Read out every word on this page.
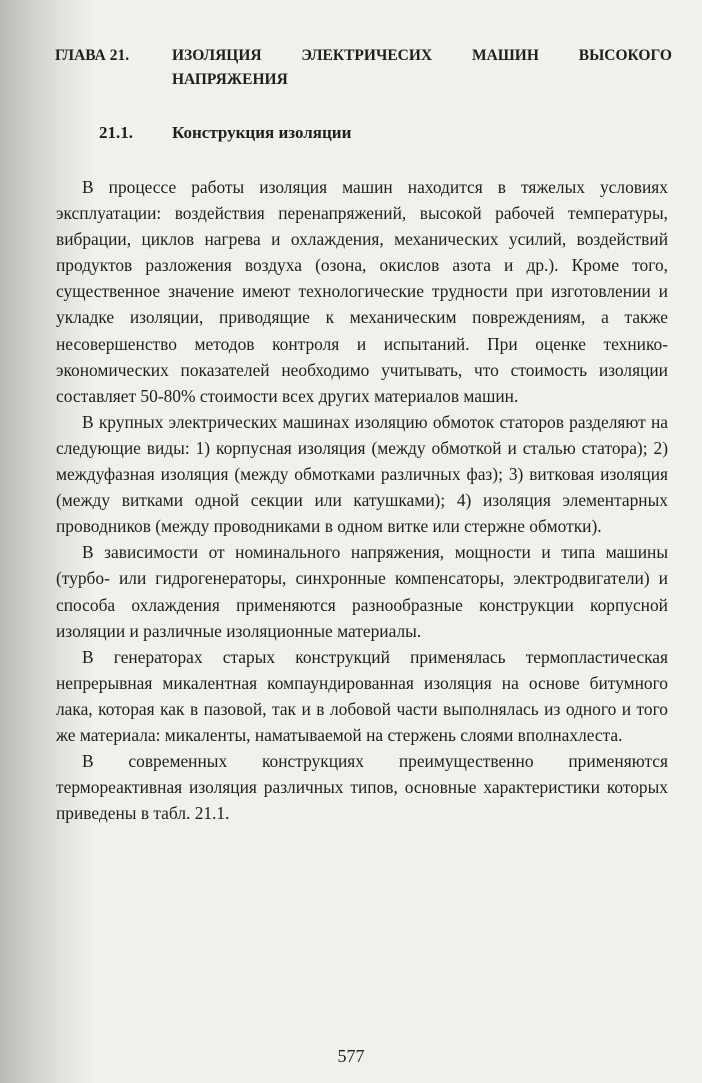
ГЛАВА 21.	ИЗОЛЯЦИЯ ЭЛЕКТРИЧЕСИХ МАШИН ВЫСОКОГО
НАПРЯЖЕНИЯ
21.1. Конструкция изоляции

В процессе работы изоляция машин находится в тяжелых условиях эксплуатации: воздействия перенапряжений, высокой рабочей температуры, вибрации, циклов нагрева и охлаждения, механических усилий, воздействий продуктов разложения воздуха (озона, окислов азота и др.). Кроме того, существенное значение имеют технологические трудности при изготовлении и укладке изоляции, приводящие к механическим повреждениям, а также несовершенство методов контроля и испытаний. При оценке технико-экономических показателей необходимо учитывать, что стоимость изоляции составляет 50-80% стоимости всех других материалов машин.

В крупных электрических машинах изоляцию обмоток статоров разделяют на следующие виды: 1) корпусная изоляция (между обмоткой и сталью статора); 2) междуфазная изоляция (между обмотками различных фаз); 3) витковая изоляция (между витками одной секции или катушками); 4) изоляция элементарных проводников (между проводниками в одном витке или стержне обмотки).

В зависимости от номинального напряжения, мощности и типа машины (турбо- или гидрогенераторы, синхронные компенсаторы, электродвигатели) и способа охлаждения применяются разнообразные конструкции корпусной изоляции и различные изоляционные материалы.

В генераторах старых конструкций применялась термопластическая непрерывная микалентная компаундированная изоляция на основе битумного лака, которая как в пазовой, так и в лобовой части выполнялась из одного и того же материала: микаленты, наматываемой на стержень слоями вполнахлеста.

В современных конструкциях преимущественно применяются термореактивная изоляция различных типов, основные характеристики которых приведены в табл. 21.1.

577
